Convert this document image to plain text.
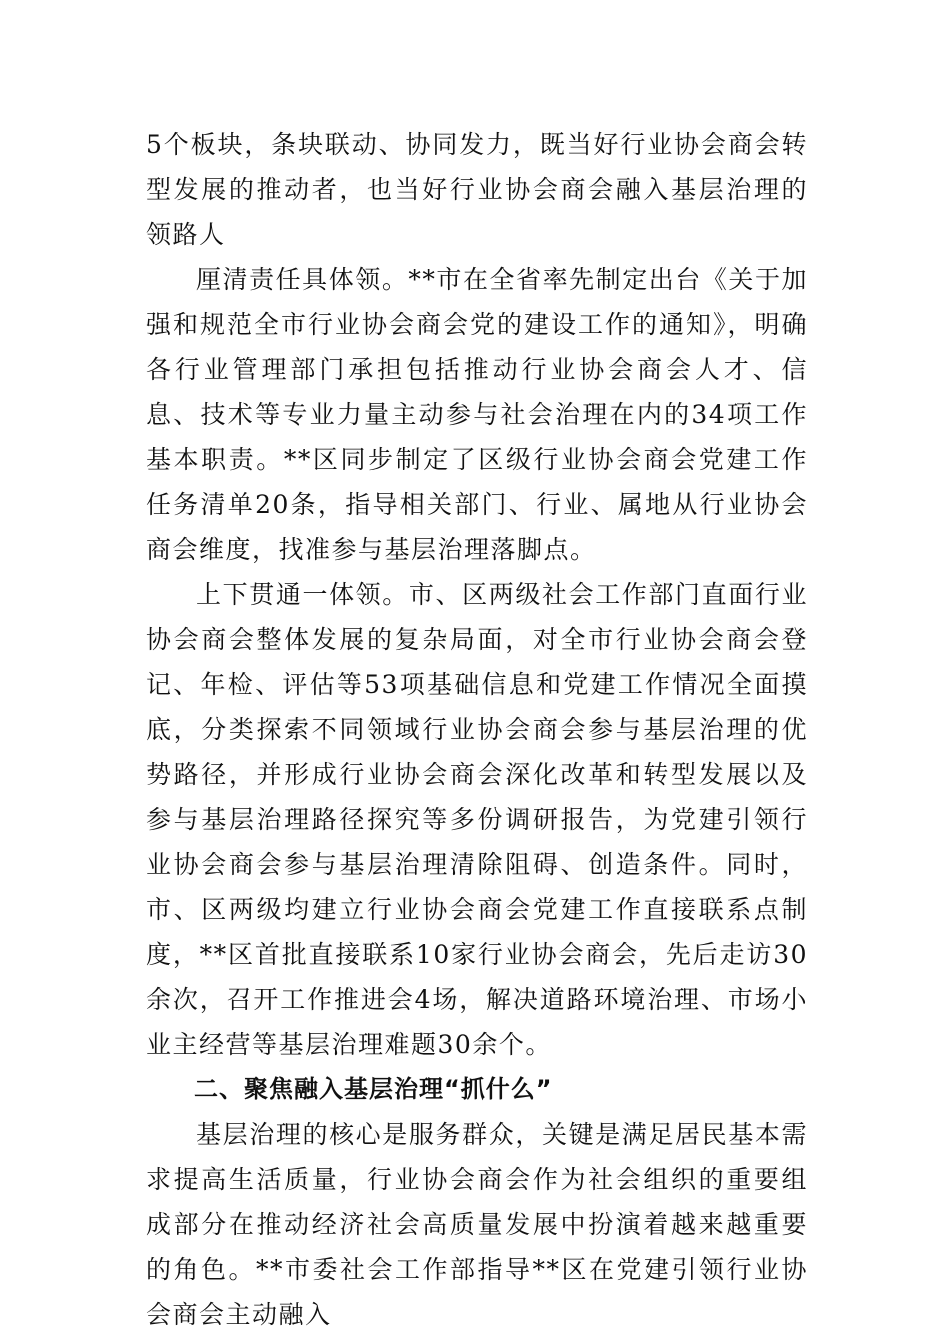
5个板块，条块联动、协同发力，既当好行业协会商会转型发展的推动者，也当好行业协会商会融入基层治理的领路人

厘清责任具体领。**市在全省率先制定出台《关于加强和规范全市行业协会商会党的建设工作的通知》，明确各行业管理部门承担包括推动行业协会商会人才、信息、技术等专业力量主动参与社会治理在内的34项工作基本职责。**区同步制定了区级行业协会商会党建工作任务清单20条，指导相关部门、行业、属地从行业协会商会维度，找准参与基层治理落脚点。

上下贯通一体领。市、区两级社会工作部门直面行业协会商会整体发展的复杂局面，对全市行业协会商会登记、年检、评估等53项基础信息和党建工作情况全面摸底，分类探索不同领域行业协会商会参与基层治理的优势路径，并形成行业协会商会深化改革和转型发展以及参与基层治理路径探究等多份调研报告，为党建引领行业协会商会参与基层治理清除阻碍、创造条件。同时，市、区两级均建立行业协会商会党建工作直接联系点制度，**区首批直接联系10家行业协会商会，先后走访30余次，召开工作推进会4场，解决道路环境治理、市场小业主经营等基层治理难题30余个。

二、聚焦融入基层治理“抓什么”

基层治理的核心是服务群众，关键是满足居民基本需求提高生活质量，行业协会商会作为社会组织的重要组成部分在推动经济社会高质量发展中扮演着越来越重要的角色。**市委社会工作部指导**区在党建引领行业协会商会主动融入
